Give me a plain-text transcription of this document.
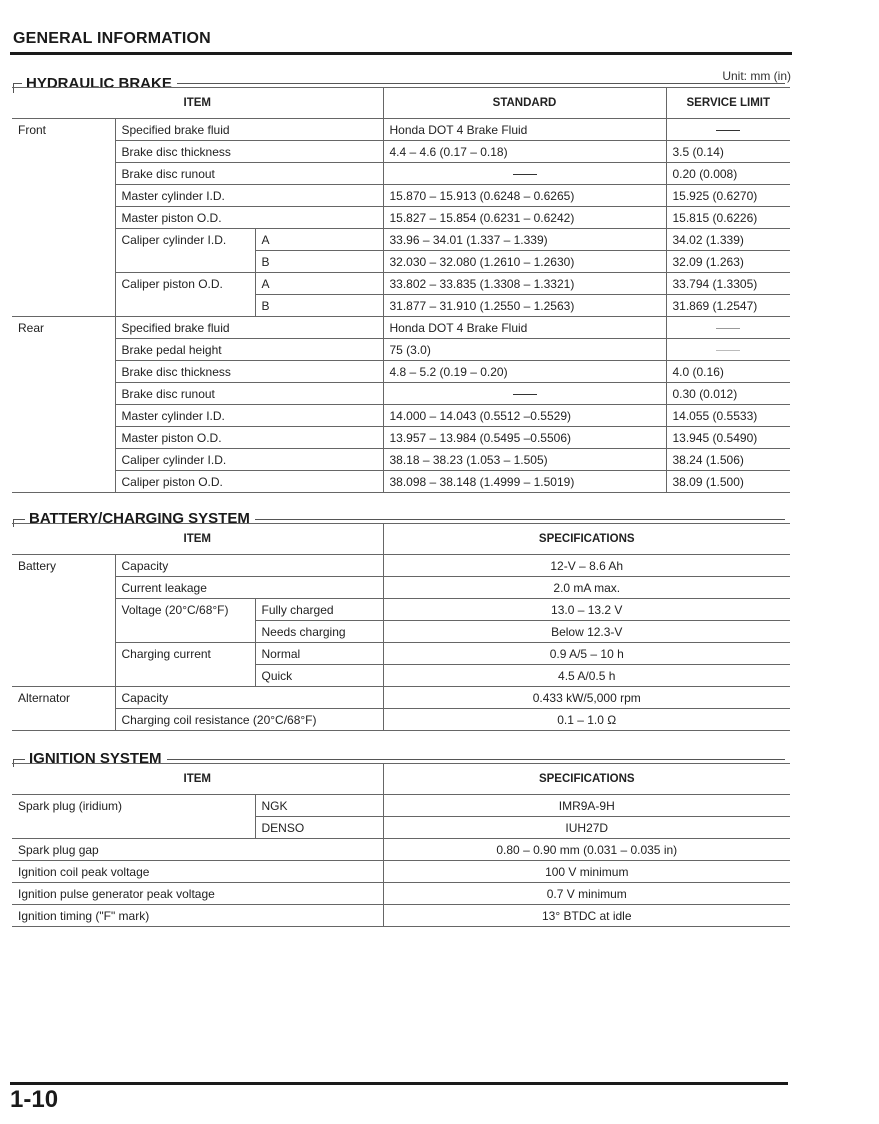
GENERAL INFORMATION
HYDRAULIC BRAKE	Unit: mm (in)
ITEM			STANDARD	SERVICE LIMIT
Front	Specified brake fluid		Honda DOT 4 Brake Fluid	
	Brake disc thickness		4.4 – 4.6 (0.17 – 0.18)	3.5 (0.14)
	Brake disc runout			0.20 (0.008)
	Master cylinder I.D.		15.870 – 15.913 (0.6248 – 0.6265)	15.925 (0.6270)
	Master piston O.D.		15.827 – 15.854 (0.6231 – 0.6242)	15.815 (0.6226)
	Caliper cylinder I.D.	A	33.96 – 34.01 (1.337 – 1.339)	34.02 (1.339)
		B	32.030 – 32.080 (1.2610 – 1.2630)	32.09 (1.263)
	Caliper piston O.D.	A	33.802 – 33.835 (1.3308 – 1.3321)	33.794 (1.3305)
		B	31.877 – 31.910 (1.2550 – 1.2563)	31.869 (1.2547)
Rear	Specified brake fluid		Honda DOT 4 Brake Fluid	
	Brake pedal height		75 (3.0)	
	Brake disc thickness		4.8 – 5.2 (0.19 – 0.20)	4.0 (0.16)
	Brake disc runout			0.30 (0.012)
	Master cylinder I.D.		14.000 – 14.043 (0.5512 –0.5529)	14.055 (0.5533)
	Master piston O.D.		13.957 – 13.984 (0.5495 –0.5506)	13.945 (0.5490)
	Caliper cylinder I.D.		38.18 – 38.23 (1.053 – 1.505)	38.24 (1.506)
	Caliper piston O.D.		38.098 – 38.148 (1.4999 – 1.5019)	38.09 (1.500)
BATTERY/CHARGING SYSTEM
ITEM			SPECIFICATIONS
Battery	Capacity		12-V – 8.6 Ah
	Current leakage		2.0 mA max.
	Voltage (20°C/68°F)	Fully charged	13.0 – 13.2 V
		Needs charging	Below 12.3-V
	Charging current	Normal	0.9 A/5 – 10 h
		Quick	4.5 A/0.5 h
Alternator	Capacity		0.433 kW/5,000 rpm
	Charging coil resistance (20°C/68°F)		0.1 – 1.0 Ω
IGNITION SYSTEM
ITEM		SPECIFICATIONS
Spark plug (iridium)	NGK	IMR9A-9H
	DENSO	IUH27D
Spark plug gap		0.80 – 0.90 mm (0.031 – 0.035 in)
Ignition coil peak voltage		100 V minimum
Ignition pulse generator peak voltage		0.7 V minimum
Ignition timing ("F" mark)		13° BTDC at idle
1-10
